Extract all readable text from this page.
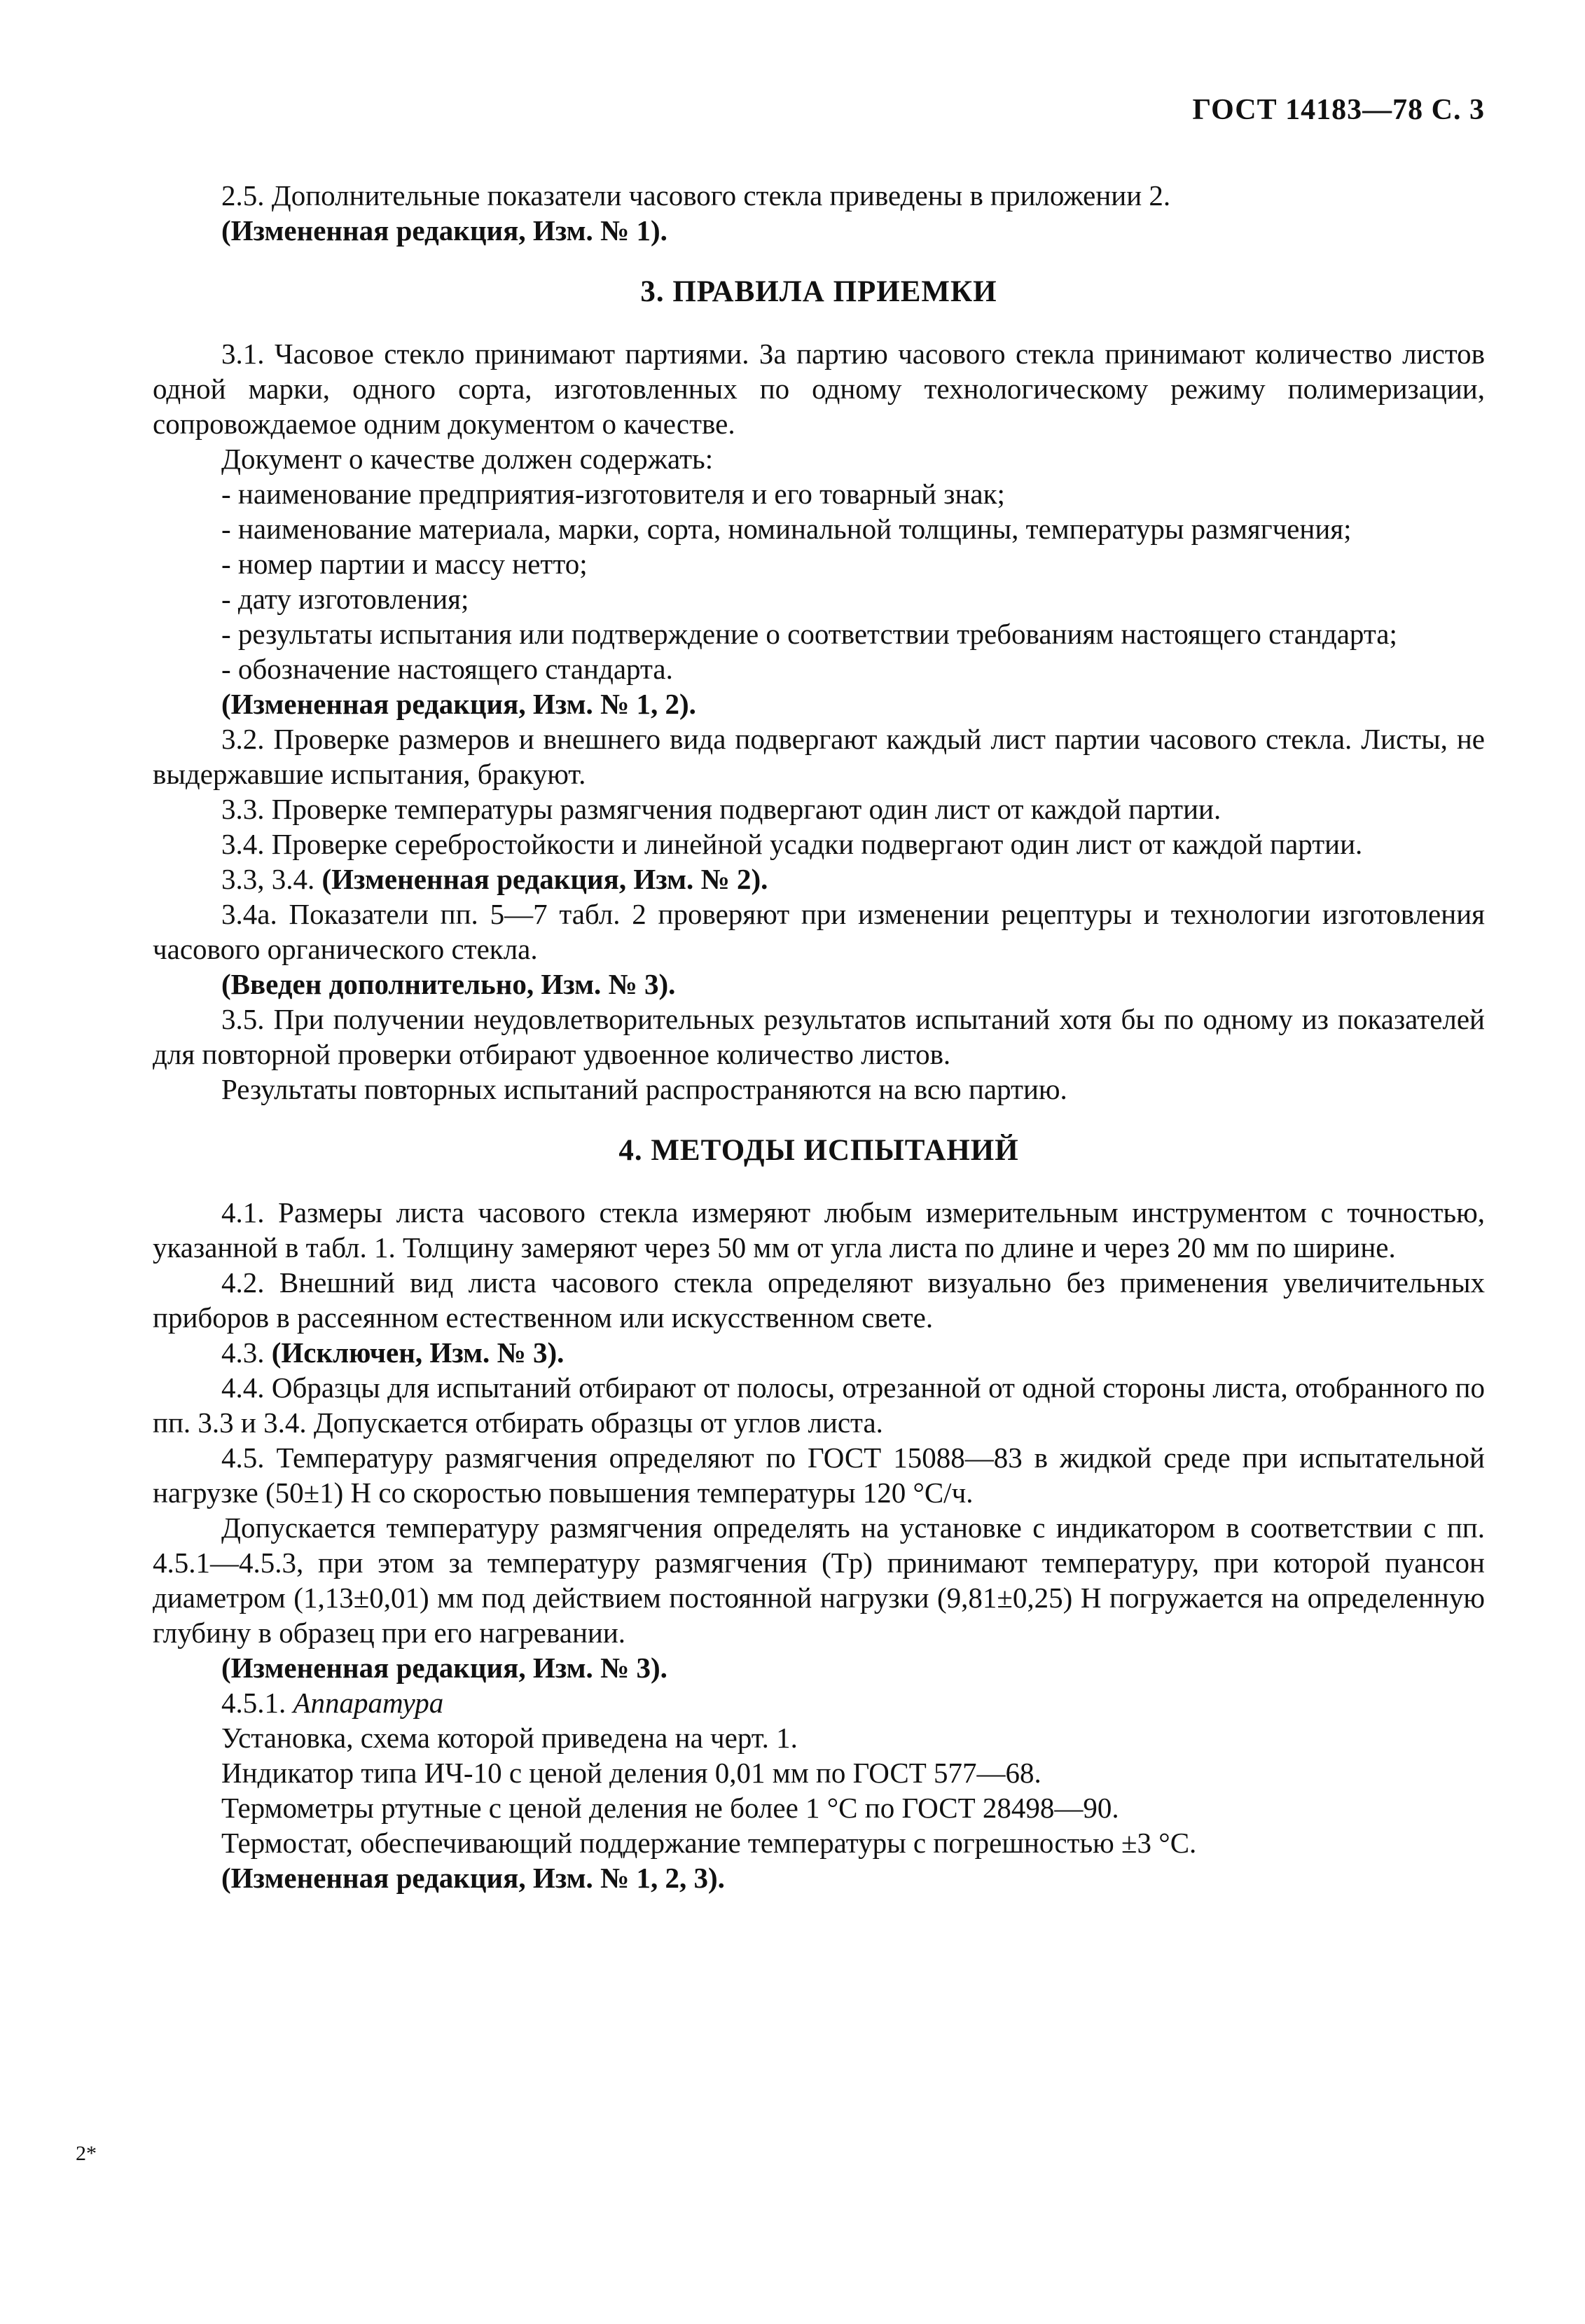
ГОСТ 14183—78 С. 3

2.5. Дополнительные показатели часового стекла приведены в приложении 2.

(Измененная редакция, Изм. № 1).

3. ПРАВИЛА ПРИЕМКИ

3.1. Часовое стекло принимают партиями. За партию часового стекла принимают количество листов одной марки, одного сорта, изготовленных по одному технологическому режиму полимеризации, сопровождаемое одним документом о качестве.

Документ о качестве должен содержать:

- наименование предприятия-изготовителя и его товарный знак;

- наименование материала, марки, сорта, номинальной толщины, температуры размягчения;

- номер партии и массу нетто;

- дату изготовления;

- результаты испытания или подтверждение о соответствии требованиям настоящего стандарта;

- обозначение настоящего стандарта.

(Измененная редакция, Изм. № 1, 2).

3.2. Проверке размеров и внешнего вида подвергают каждый лист партии часового стекла. Листы, не выдержавшие испытания, бракуют.

3.3. Проверке температуры размягчения подвергают один лист от каждой партии.

3.4. Проверке серебростойкости и линейной усадки подвергают один лист от каждой партии.

3.3, 3.4. (Измененная редакция, Изм. № 2).

3.4а. Показатели пп. 5—7 табл. 2 проверяют при изменении рецептуры и технологии изготовления часового органического стекла.

(Введен дополнительно, Изм. № 3).

3.5. При получении неудовлетворительных результатов испытаний хотя бы по одному из показателей для повторной проверки отбирают удвоенное количество листов.

Результаты повторных испытаний распространяются на всю партию.

4. МЕТОДЫ ИСПЫТАНИЙ

4.1. Размеры листа часового стекла измеряют любым измерительным инструментом с точностью, указанной в табл. 1. Толщину замеряют через 50 мм от угла листа по длине и через 20 мм по ширине.

4.2. Внешний вид листа часового стекла определяют визуально без применения увеличительных приборов в рассеянном естественном или искусственном свете.

4.3. (Исключен, Изм. № 3).

4.4. Образцы для испытаний отбирают от полосы, отрезанной от одной стороны листа, отобранного по пп. 3.3 и 3.4. Допускается отбирать образцы от углов листа.

4.5. Температуру размягчения определяют по ГОСТ 15088—83 в жидкой среде при испытательной нагрузке (50±1) Н со скоростью повышения температуры 120 °С/ч.

Допускается температуру размягчения определять на установке с индикатором в соответствии с пп. 4.5.1—4.5.3, при этом за температуру размягчения (Tр) принимают температуру, при которой пуансон диаметром (1,13±0,01) мм под действием постоянной нагрузки (9,81±0,25) Н погружается на определенную глубину в образец при его нагревании.

(Измененная редакция, Изм. № 3).

4.5.1. Аппаратура

Установка, схема которой приведена на черт. 1.

Индикатор типа ИЧ-10 с ценой деления 0,01 мм по ГОСТ 577—68.

Термометры ртутные с ценой деления не более 1 °С по ГОСТ 28498—90.

Термостат, обеспечивающий поддержание температуры с погрешностью ±3 °С.

(Измененная редакция, Изм. № 1, 2, 3).

2*
